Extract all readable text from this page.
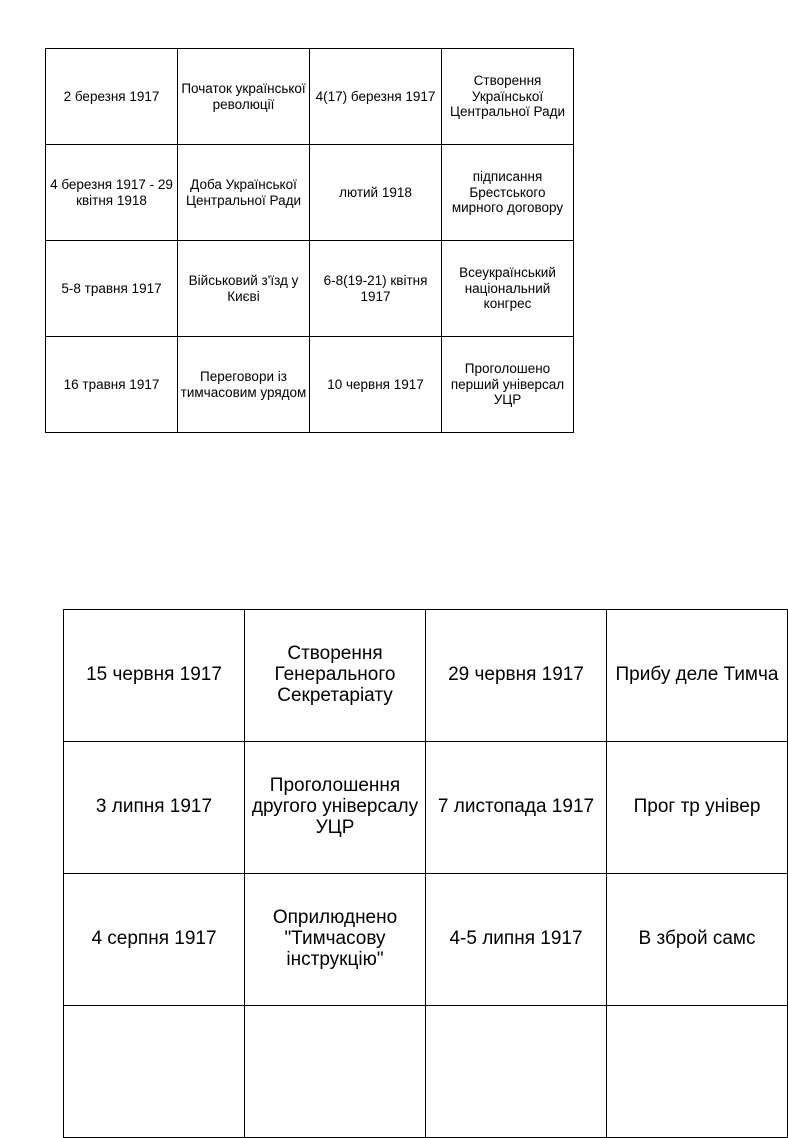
2 березня 1917	Початок української революції	4(17) березня 1917	Створення Української Центральної Ради
4 березня 1917 - 29 квітня 1918	Доба Української Центральної Ради	лютий 1918	підписання Брестського мирного договору
5-8 травня 1917	Військовий з'їзд у Києві	6-8(19-21) квітня 1917	Всеукраїнський національний конгрес
16 травня 1917	Переговори із тимчасовим урядом	10 червня 1917	Проголошено перший універсал УЦР
15 червня 1917	Створення Генерального Секретаріату	29 червня 1917	Прибу деле Тимча
3 липня 1917	Проголошення другого універсалу УЦР	7 листопада 1917	Прог тр універ
4 серпня 1917	Оприлюднено "Тимчасову інструкцію"	4-5 липня 1917	В збрoй самс
